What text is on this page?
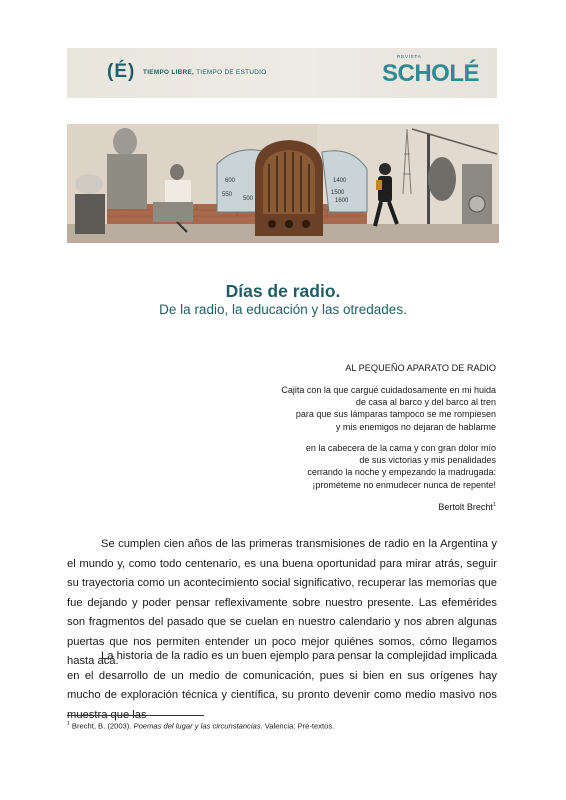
(É) TIEMPO LIBRE, TIEMPO DE ESTUDIO
REVISTA
SCHOLÉ
600
550
500
1400
1500
1600
Días de radio.
De la radio, la educación y las otredades.
AL PEQUEÑO APARATO DE RADIO
Cajita con la que cargué cuidadosamente en mi huida
de casa al barco y del barco al tren
para que sus lámparas tampoco se me rompiesen
y mis enemigos no dejaran de hablarme
en la cabecera de la cama y con gran dolor mío
de sus victorias y mis penalidades
cerrando la noche y empezando la madrugada:
¡prométeme no enmudecer nunca de repente!
Bertolt Brecht$^1$

Se cumplen cien años de las primeras transmisiones de radio en la Argentina y el mundo y, como todo centenario, es una buena oportunidad para mirar atrás, seguir su trayectoria como un acontecimiento social significativo, recuperar las memorias que fue dejando y poder pensar reflexivamente sobre nuestro presente. Las efemérides son fragmentos del pasado que se cuelan en nuestro calendario y nos abren algunas puertas que nos permiten entender un poco mejor quiénes somos, cómo llegamos hasta acá.

La historia de la radio es un buen ejemplo para pensar la complejidad implicada en el desarrollo de un medio de comunicación, pues si bien en sus orígenes hay mucho de exploración técnica y científica, su pronto devenir como medio masivo nos muestra que las

$^1$ Brecht, B. (2003). Poemas del lugar y las circunstancias. Valencia: Pre-textos.
